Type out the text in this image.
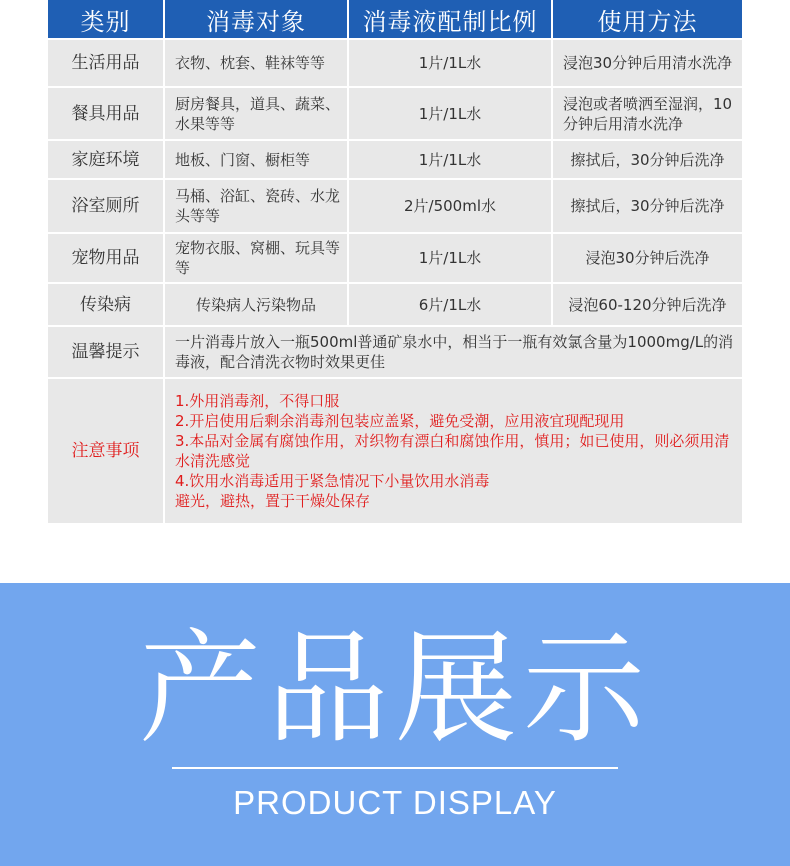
类别	消毒对象	消毒液配制比例	使用方法
生活用品	衣物、枕套、鞋袜等等	1片/1L水	浸泡30分钟后用清水洗净
餐具用品	厨房餐具，道具、蔬菜、水果等等	1片/1L水	浸泡或者喷洒至湿润，10分钟后用清水洗净
家庭环境	地板、门窗、橱柜等	1片/1L水	擦拭后，30分钟后洗净
浴室厕所	马桶、浴缸、瓷砖、水龙头等等	2片/500ml水	擦拭后，30分钟后洗净
宠物用品	宠物衣服、窝棚、玩具等等	1片/1L水	浸泡30分钟后洗净
传染病	传染病人污染物品	6片/1L水	浸泡60-120分钟后洗净
温馨提示	一片消毒片放入一瓶500ml普通矿泉水中，相当于一瓶有效氯含量为1000mg/L的消毒液，配合清洗衣物时效果更佳		
注意事项	1.外用消毒剂，不得口服
2.开启使用后剩余消毒剂包装应盖紧，避免受潮，应用液宜现配现用
3.本品对金属有腐蚀作用，对织物有漂白和腐蚀作用，慎用；如已使用，则必须用清水清洗感觉
4.饮用水消毒适用于紧急情况下小量饮用水消毒
避光，避热，置于干燥处保存		
产品展示
PRODUCT DISPLAY
